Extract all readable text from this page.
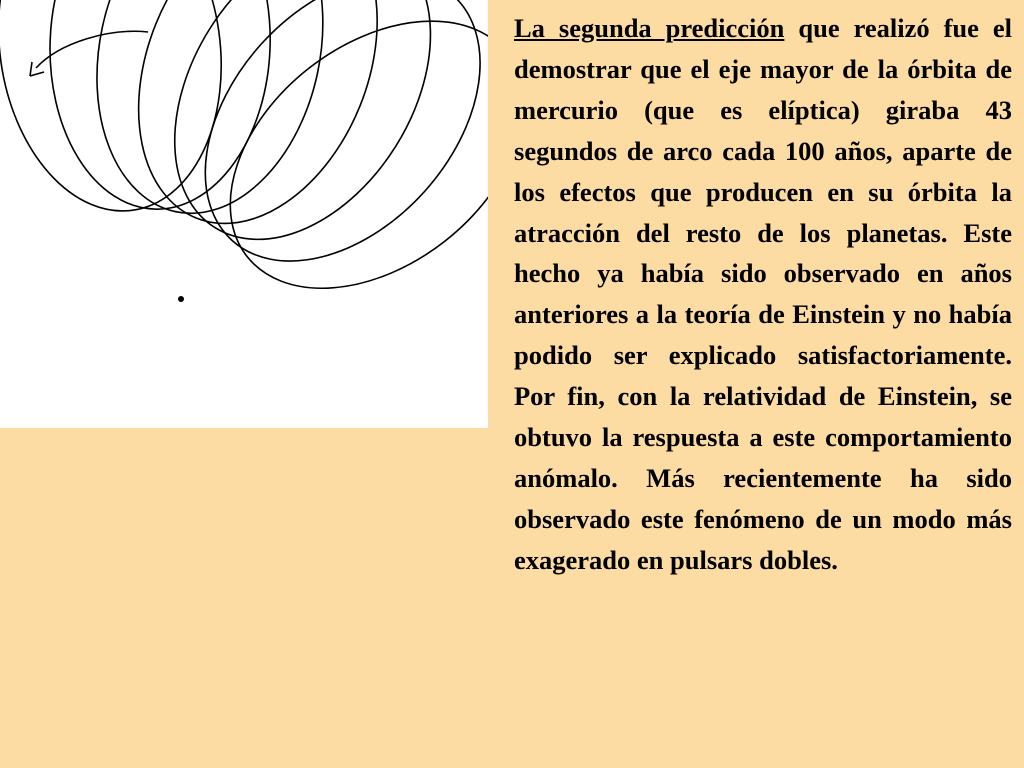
La segunda predicción que realizó fue el demostrar que el eje mayor de la órbita de mercurio (que es elíptica) giraba 43 segundos de arco cada 100 años, aparte de los efectos que producen en su órbita la atracción del resto de los planetas. Este hecho ya había sido observado en años anteriores a la teoría de Einstein y no había podido ser explicado satisfactoriamente. Por fin, con la relatividad de Einstein, se obtuvo la respuesta a este comportamiento anómalo. Más recientemente ha sido observado este fenómeno de un modo más exagerado en pulsars dobles.
